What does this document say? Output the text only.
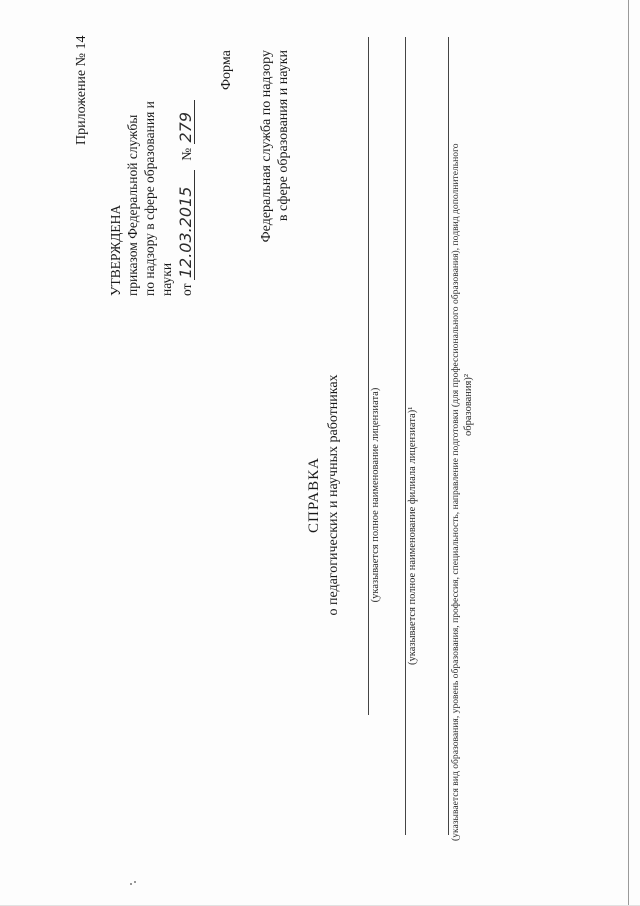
Приложение № 14
УТВЕРЖДЕНА приказом Федеральной службы по надзору в сфере образования и науки от 12.03.2015 № 279
Форма Федеральная служба по надзору в сфере образования и науки
СПРАВКА о педагогических и научных работниках	(указывается полное наименование лицензиата) (указывается полное наименование филиала лицензиата)¹	(указывается вид образования, уровень образования, профессия, специальность, направление подготовки (для профессионального образования), подвид дополнительного образования)²
